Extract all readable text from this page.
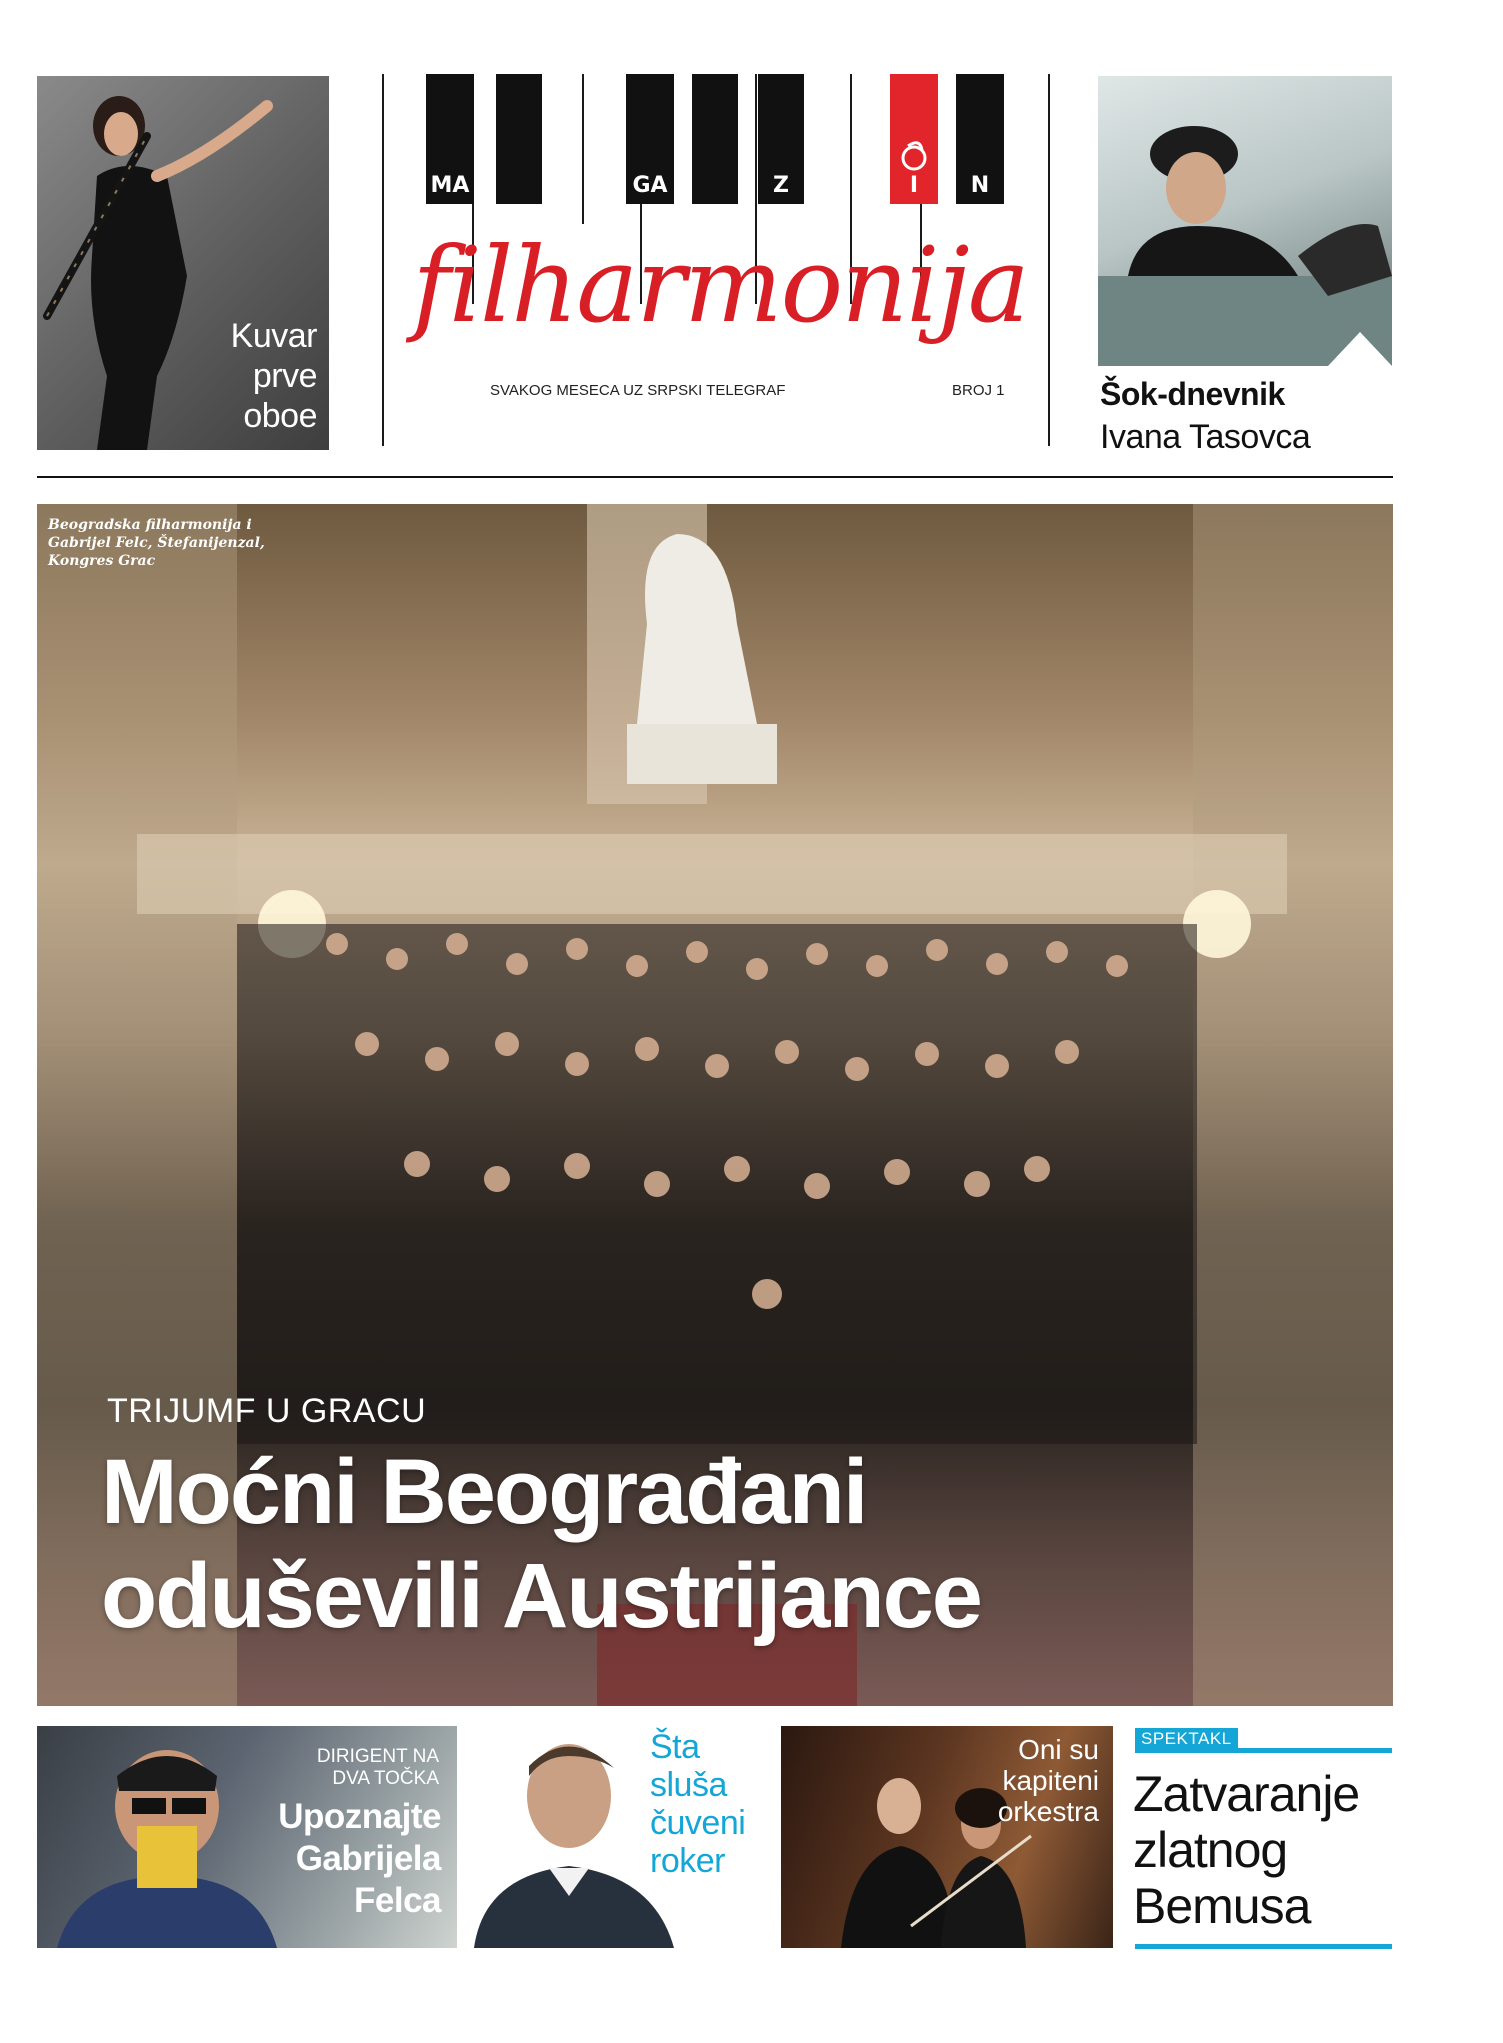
Kuvar
prve
oboe
MA	GA	Z	I N
filharmonija
SVAKOG MESECA UZ SRPSKI TELEGRAF	BROJ 1	Šok-dnevnik
Ivana Tasovca
Beogradska filharmonija i
Gabrijel Felc, Štefanijenzal,
Kongres Grac
TRIJUMF U GRACU
Moćni Beograđani
oduševili Austrijance
DIRIGENT NA
DVA TOČKA
Upoznajte
Gabrijela
Felca
Šta
sluša
čuveni
roker
Oni su
kapiteni
orkestra
SPEKTAKL
Zatvaranje
zlatnog
Bemusa
